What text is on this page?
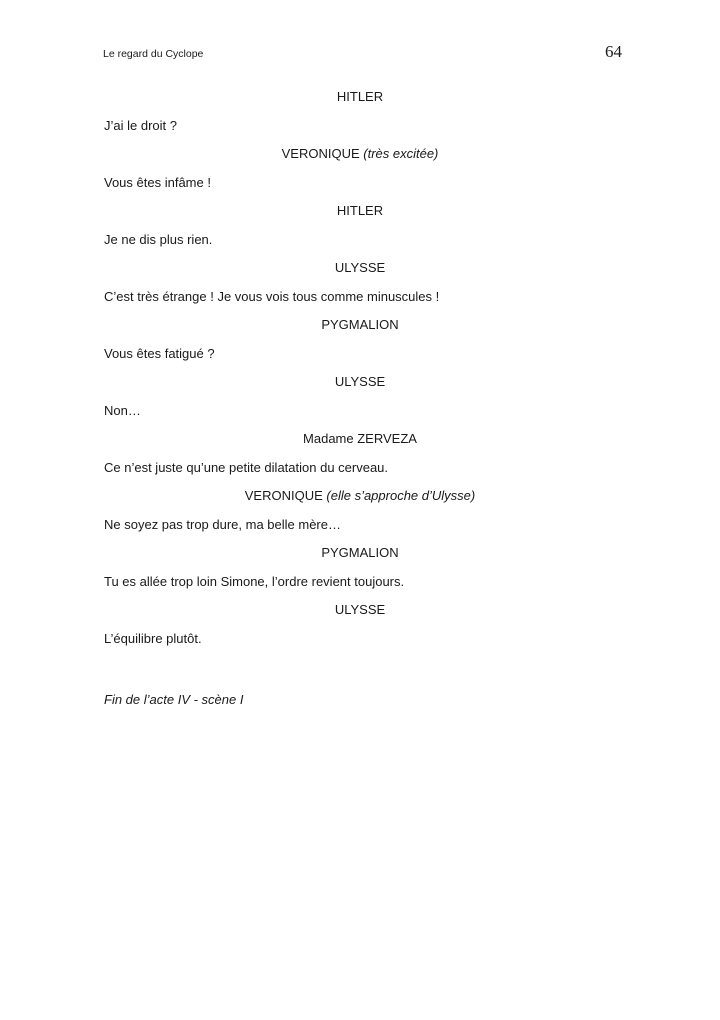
Le regard du Cyclope	64
HITLER
J’ai le droit ?
VERONIQUE (très excitée)
Vous êtes infâme !
HITLER
Je ne dis plus rien.
ULYSSE
C’est très étrange ! Je vous vois tous comme minuscules !
PYGMALION
Vous êtes fatigué ?
ULYSSE
Non…
Madame ZERVEZA
Ce n’est juste qu’une petite dilatation du cerveau.
VERONIQUE (elle s’approche d’Ulysse)
Ne soyez pas trop dure, ma belle mère…
PYGMALION
Tu es allée trop loin Simone, l’ordre revient toujours.
ULYSSE
L’équilibre plutôt.
Fin de l’acte IV - scène I
